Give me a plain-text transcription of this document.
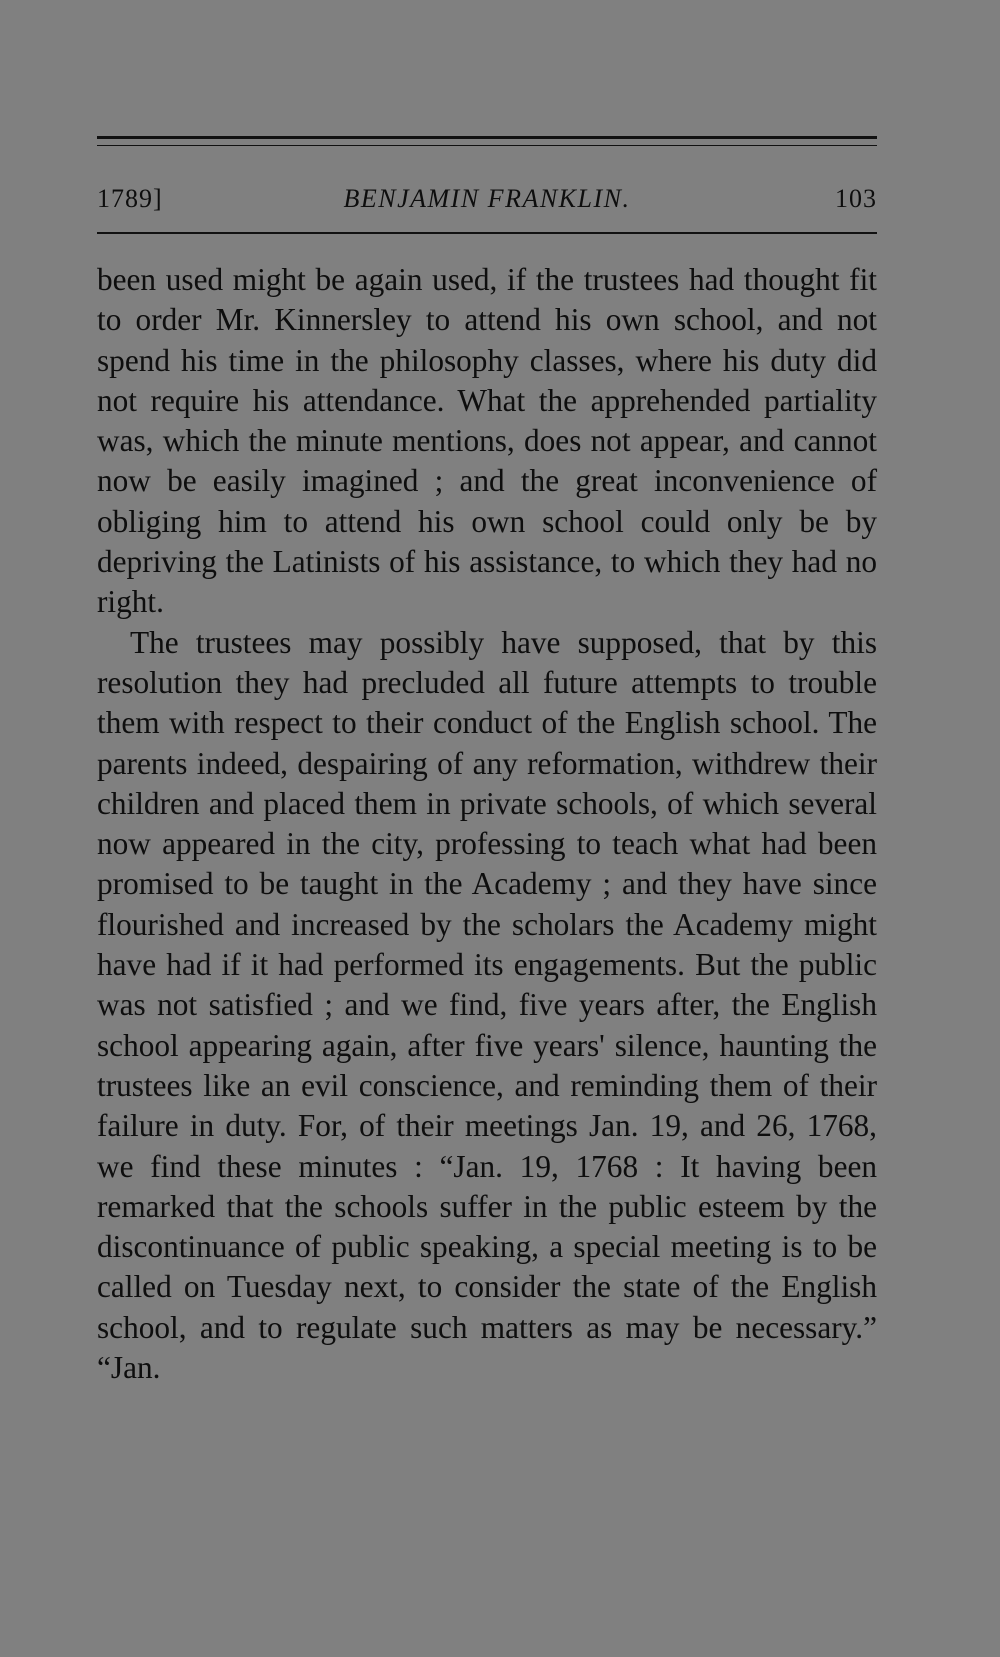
1789]	BENJAMIN FRANKLIN.	103

been used might be again used, if the trustees had thought fit to order Mr. Kinnersley to attend his own school, and not spend his time in the philosophy classes, where his duty did not require his attendance. What the apprehended partiality was, which the minute mentions, does not appear, and cannot now be easily imagined ; and the great inconvenience of obliging him to attend his own school could only be by depriving the Latinists of his assistance, to which they had no right.

The trustees may possibly have supposed, that by this resolution they had precluded all future attempts to trouble them with respect to their conduct of the English school. The parents indeed, despairing of any reformation, withdrew their children and placed them in private schools, of which several now appeared in the city, professing to teach what had been promised to be taught in the Academy ; and they have since flourished and increased by the scholars the Academy might have had if it had performed its engagements. But the public was not satisfied ; and we find, five years after, the English school appearing again, after five years' silence, haunting the trustees like an evil conscience, and reminding them of their failure in duty. For, of their meetings Jan. 19, and 26, 1768, we find these minutes : “Jan. 19, 1768 : It having been remarked that the schools suffer in the public esteem by the discontinuance of public speaking, a special meeting is to be called on Tuesday next, to consider the state of the English school, and to regulate such matters as may be necessary.” “Jan.
